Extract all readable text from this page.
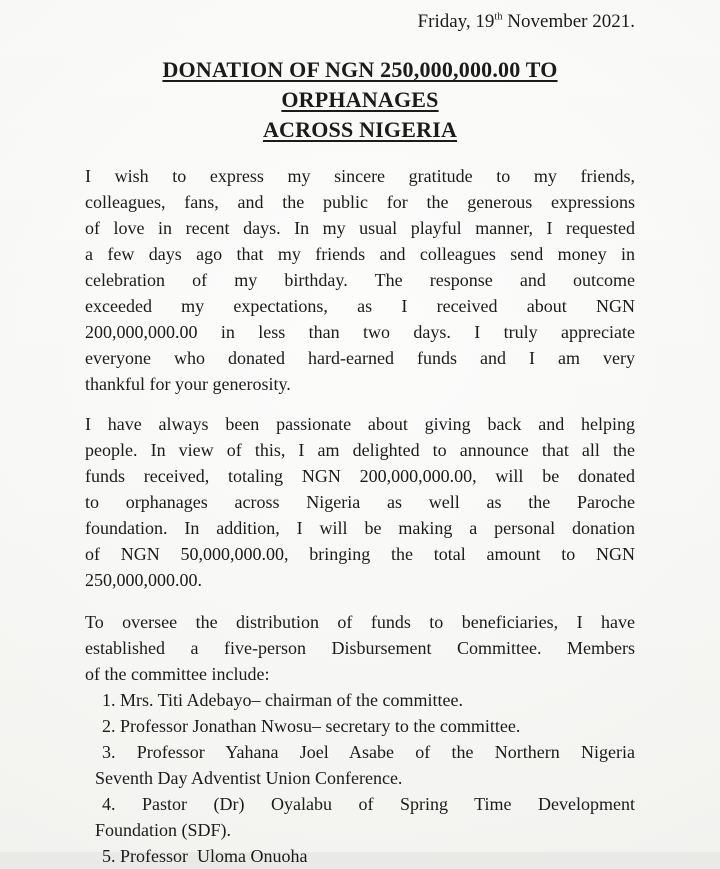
Friday, 19th November 2021.
DONATION OF NGN 250,000,000.00 TO ORPHANAGES
ACROSS NIGERIA
I wish to express my sincere gratitude to my friends,
colleagues, fans, and the public for the generous expressions
of love in recent days. In my usual playful manner, I requested
a few days ago that my friends and colleagues send money in
celebration of my birthday. The response and outcome
exceeded my expectations, as I received about NGN
200,000,000.00 in less than two days. I truly appreciate
everyone who donated hard-earned funds and I am very
thankful for your generosity.
I have always been passionate about giving back and helping
people. In view of this, I am delighted to announce that all the
funds received, totaling NGN 200,000,000.00, will be donated
to orphanages across Nigeria as well as the Paroche
foundation. In addition, I will be making a personal donation
of NGN 50,000,000.00, bringing the total amount to NGN
250,000,000.00.
To oversee the distribution of funds to beneficiaries, I have
established a five-person Disbursement Committee. Members
of the committee include:
1. Mrs. Titi Adebayo– chairman of the committee.
2. Professor Jonathan Nwosu– secretary to the committee.
3. Professor Yahana Joel Asabe of the Northern Nigeria
Seventh Day Adventist Union Conference.
4. Pastor (Dr) Oyalabu of Spring Time Development
Foundation (SDF).
5. Professor  Uloma Onuoha
